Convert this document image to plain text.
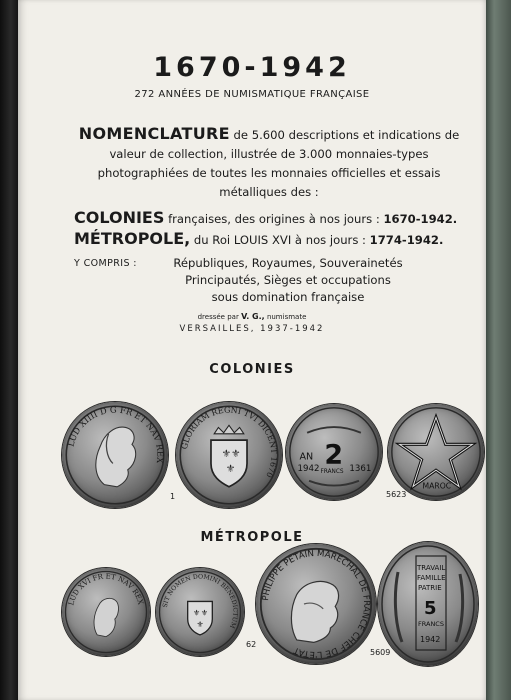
1670-1942
272 ANNÉES DE NUMISMATIQUE FRANÇAISE
NOMENCLATURE de 5.600 descriptions et indications de valeur de collection, illustrée de 3.000 monnaies-types photographiées de toutes les monnaies officielles et essais métalliques des :
COLONIES françaises, des origines à nos jours : 1670-1942.
MÉTROPOLE, du Roi LOUIS XVI à nos jours : 1774-1942.
Y COMPRIS :	Républiques, Royaumes, Souverainetés
Principautés, Sièges et occupations
sous domination française
dressée par V. G., numismate
VERSAILLES, 1937-1942
COLONIES
LUD XIIII D G FR ET NAV REX
1
⚜ ⚜
⚜
GLORIAM REGNI TVI DICENT 1670
AN 2
FRANCS
1942	1361
5623
MAROC
MÉTROPOLE
LUD XVI FR ET NAV REX
⚜ ⚜
⚜
SIT NOMEN DOMINI BENEDICTUM
62
PHILIPPE PETAIN MARECHAL DE FRANCE CHEF DE L'ETAT	5609
TRAVAIL
FAMILLE
PATRIE
5
FRANCS
1942
